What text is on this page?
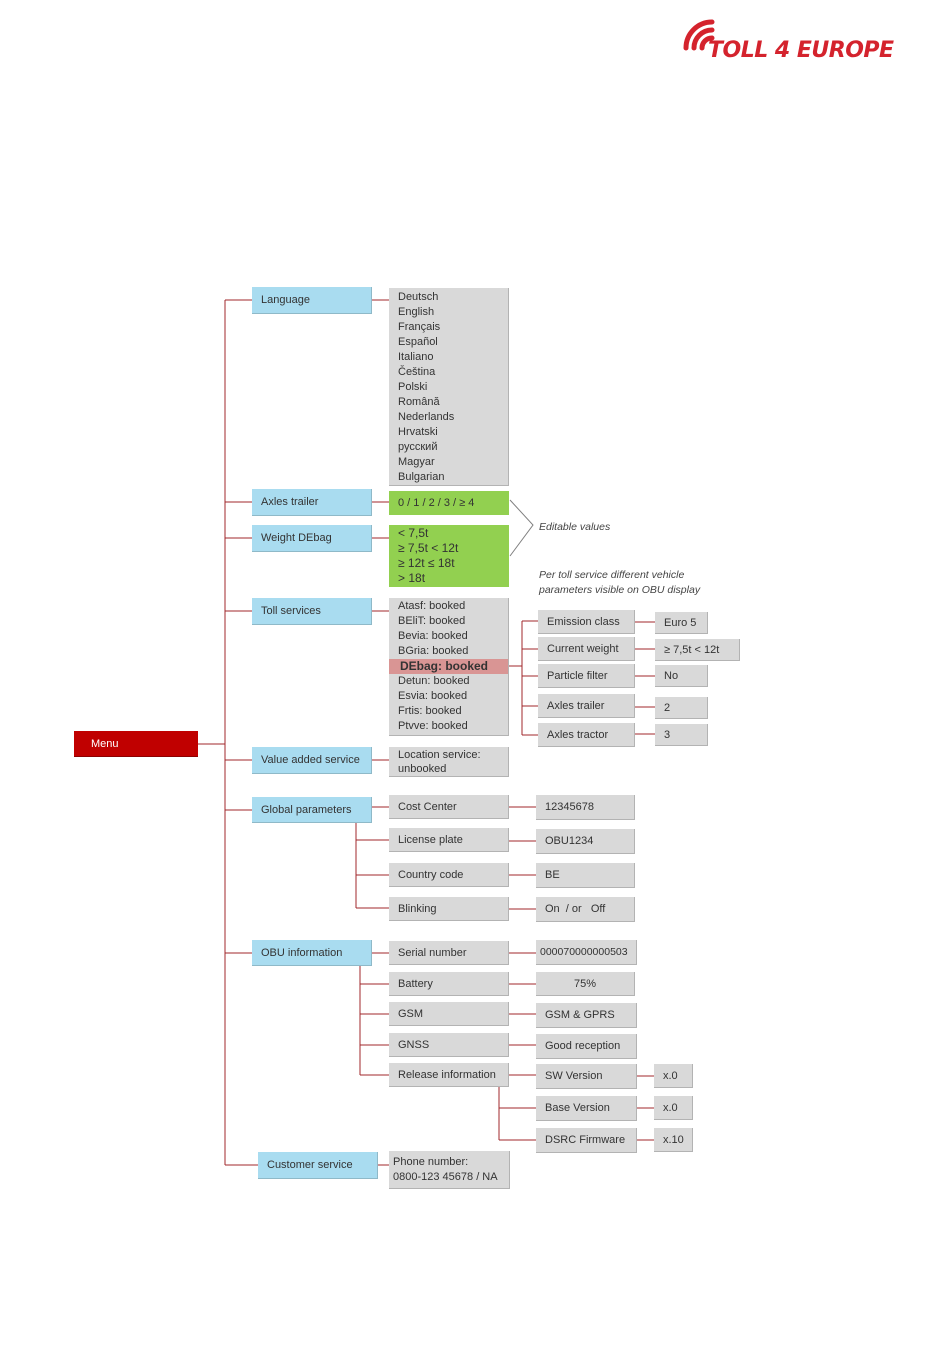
TOLL 4 EUROPE
Menu
Language	Deutsch
English
Français
Español
Italiano
Čeština
Polski
Română
Nederlands
Hrvatski
русский
Magyar
Bulgarian
Axles trailer	0 / 1 / 2 / 3 / ≥ 4
Weight DEbag	< 7,5t
≥ 7,5t < 12t
≥ 12t ≤ 18t
> 18t
Editable values
Toll services	Atasf: booked
BEliT: booked
Bevia: booked
BGria: booked
DEbag: booked
Detun: booked
Esvia: booked
Frtis: booked
Ptvve: booked
Per toll service different vehicle
parameters visible on OBU display
Emission class	Euro 5
Current weight	≥ 7,5t < 12t
Particle filter	No
Axles trailer	2
Axles tractor	3
Value added service	Location service:
unbooked
Global parameters	Cost Center	12345678
License plate	OBU1234
Country code	BE
Blinking	On  / or   Off
OBU information	Serial number	000070000000503
Battery	75%
GSM	GSM & GPRS
GNSS	Good reception
Release information	SW Version	x.0
Base Version	x.0
DSRC Firmware	x.10
Customer service	Phone number:
0800-123 45678 / NA
